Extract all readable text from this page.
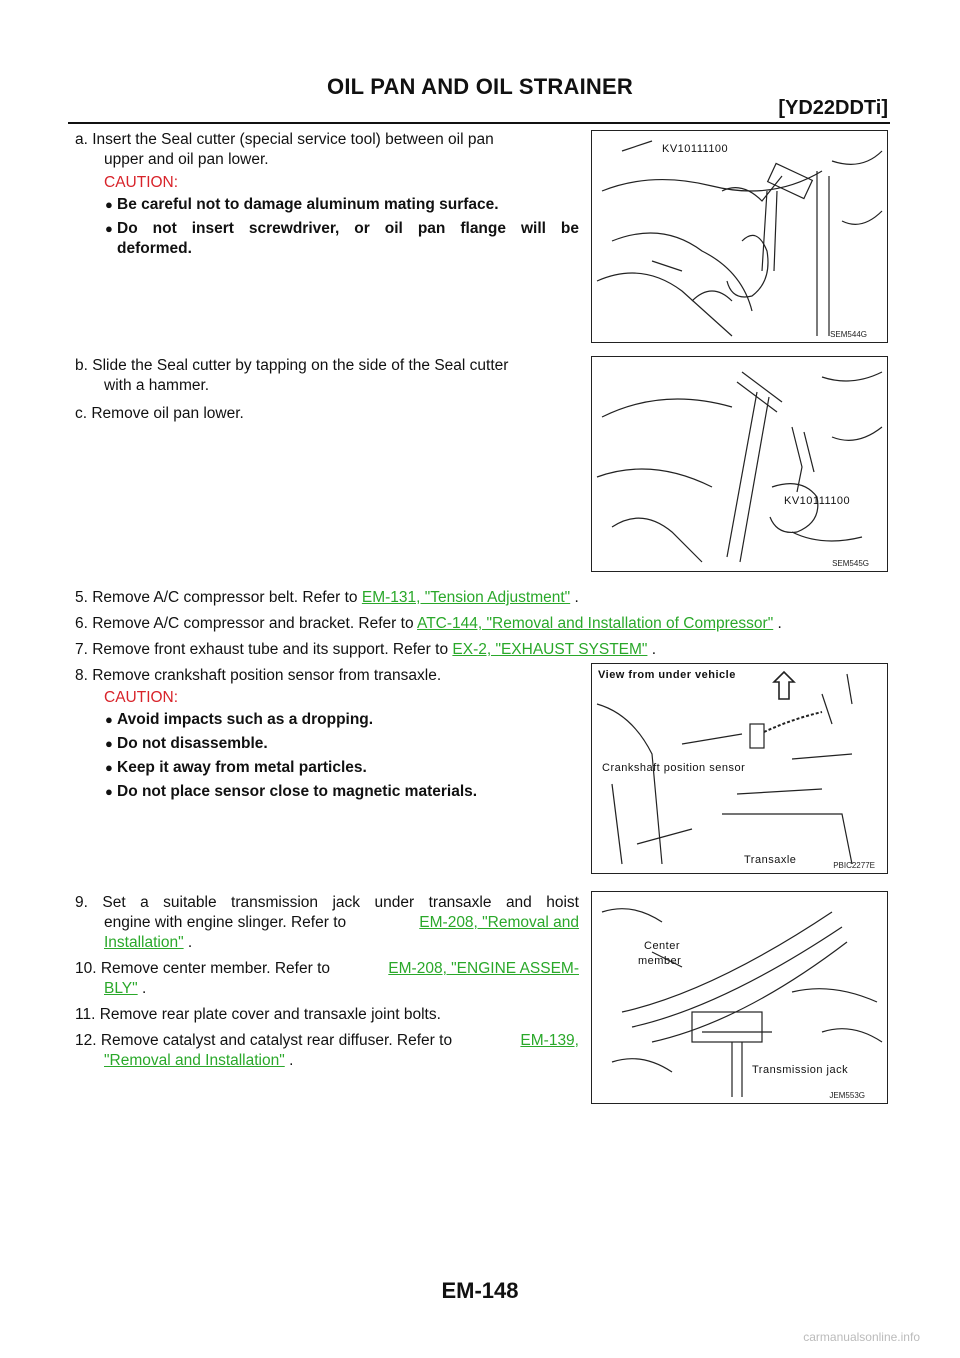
OIL PAN AND OIL STRAINER
[YD22DDTi]
a. Insert the Seal cutter (special service tool) between oil pan
upper and oil pan lower.
CAUTION:
● Be careful not to damage aluminum mating surface.
● Do not insert screwdriver, or oil pan flange will be
deformed.
b. Slide the Seal cutter by tapping on the side of the Seal cutter
with a hammer.
c. Remove oil pan lower.
5. Remove A/C compressor belt. Refer to EM-131, "Tension Adjustment" .
6. Remove A/C compressor and bracket. Refer to ATC-144, "Removal and Installation of Compressor" .
7. Remove front exhaust tube and its support. Refer to EX-2, "EXHAUST SYSTEM" .
8. Remove crankshaft position sensor from transaxle.
CAUTION:
● Avoid impacts such as a dropping.
● Do not disassemble.
● Keep it away from metal particles.
● Do not place sensor close to magnetic materials.
9. Set a suitable transmission jack under transaxle and hoist
engine with engine slinger. Refer to	EM-208, "Removal and
Installation" .
10. Remove center member. Refer to	EM-208, "ENGINE ASSEM-
BLY" .
11. Remove rear plate cover and transaxle joint bolts.
12. Remove catalyst and catalyst rear diffuser. Refer to	EM-139,
"Removal and Installation" .
KV10111100
SEM544G
KV10111100
SEM545G
View from under vehicle
Crankshaft position sensor
Transaxle	PBIC2277E
Center
member
Transmission jack
JEM553G
EM-148
carmanualsonline.info
